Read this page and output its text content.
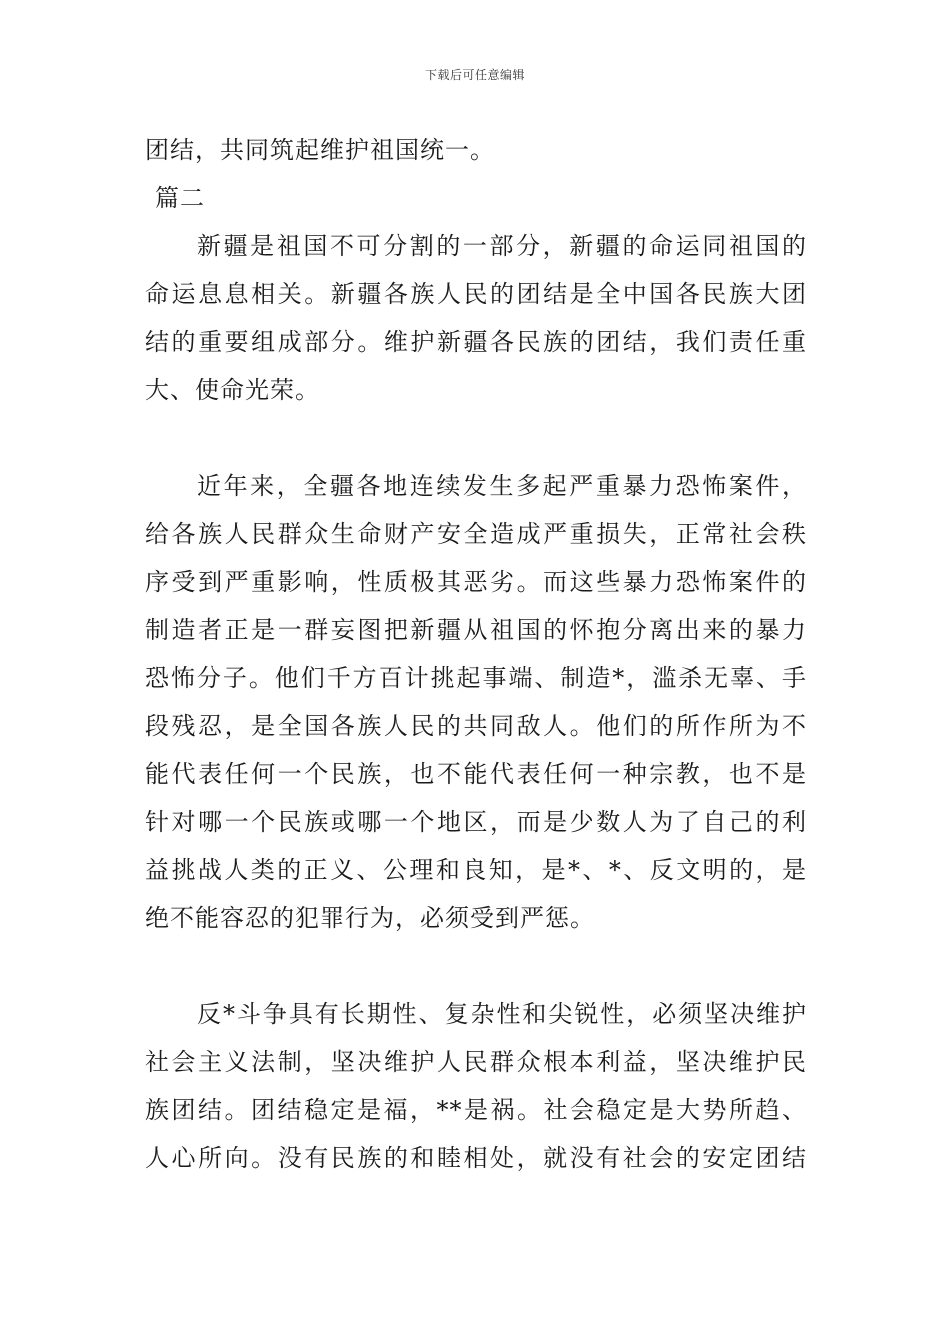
下载后可任意编辑
团结，共同筑起维护祖国统一。
篇二
新疆是祖国不可分割的一部分，新疆的命运同祖国的
命运息息相关。新疆各族人民的团结是全中国各民族大团
结的重要组成部分。维护新疆各民族的团结，我们责任重
大、使命光荣。
近年来，全疆各地连续发生多起严重暴力恐怖案件，
给各族人民群众生命财产安全造成严重损失，正常社会秩
序受到严重影响，性质极其恶劣。而这些暴力恐怖案件的
制造者正是一群妄图把新疆从祖国的怀抱分离出来的暴力
恐怖分子。他们千方百计挑起事端、制造*，滥杀无辜、手
段残忍，是全国各族人民的共同敌人。他们的所作所为不
能代表任何一个民族，也不能代表任何一种宗教，也不是
针对哪一个民族或哪一个地区，而是少数人为了自己的利
益挑战人类的正义、公理和良知，是*、*、反文明的，是
绝不能容忍的犯罪行为，必须受到严惩。
反*斗争具有长期性、复杂性和尖锐性，必须坚决维护
社会主义法制，坚决维护人民群众根本利益，坚决维护民
族团结。团结稳定是福，**是祸。社会稳定是大势所趋、
人心所向。没有民族的和睦相处，就没有社会的安定团结
